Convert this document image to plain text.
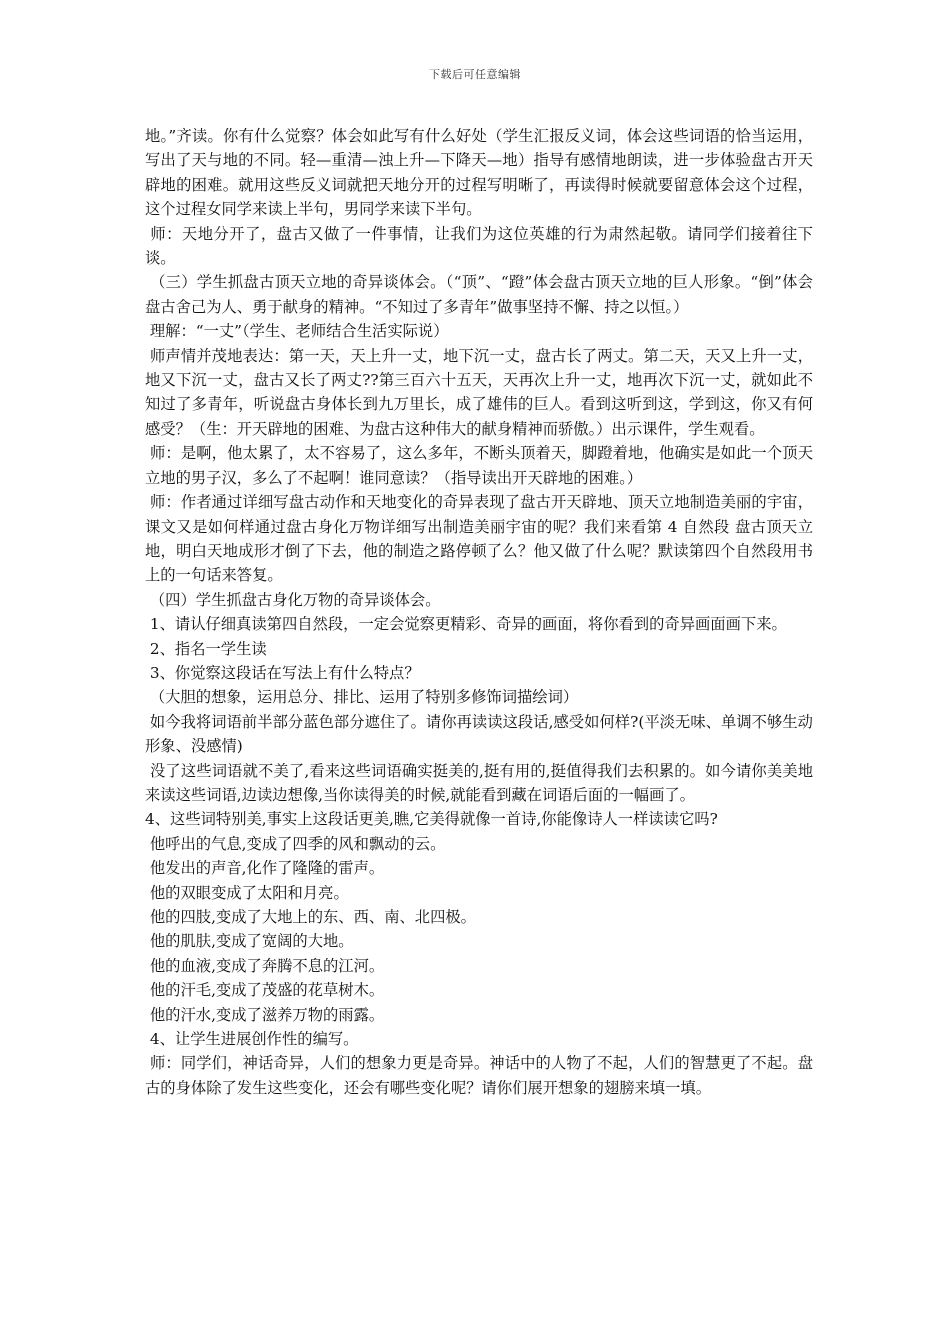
下载后可任意编辑

地。”齐读。你有什么觉察？体会如此写有什么好处（学生汇报反义词，体会这些词语的恰当运用，写出了天与地的不同。轻—重清—浊上升—下降天—地）指导有感情地朗读，进一步体验盘古开天辟地的困难。就用这些反义词就把天地分开的过程写明晰了，再读得时候就要留意体会这个过程，这个过程女同学来读上半句，男同学来读下半句。

师：天地分开了，盘古又做了一件事情，让我们为这位英雄的行为肃然起敬。请同学们接着往下谈。

（三）学生抓盘古顶天立地的奇异谈体会。（“顶”、“蹬”体会盘古顶天立地的巨人形象。“倒”体会盘古舍己为人、勇于献身的精神。“不知过了多青年”做事坚持不懈、持之以恒。）

理解：“一丈”（学生、老师结合生活实际说）

师声情并茂地表达：第一天，天上升一丈，地下沉一丈，盘古长了两丈。第二天，天又上升一丈，地又下沉一丈，盘古又长了两丈??第三百六十五天，天再次上升一丈，地再次下沉一丈，就如此不知过了多青年，听说盘古身体长到九万里长，成了雄伟的巨人。看到这听到这，学到这，你又有何感受？（生：开天辟地的困难、为盘古这种伟大的献身精神而骄傲。）出示课件，学生观看。

师：是啊，他太累了，太不容易了，这么多年，不断头顶着天，脚蹬着地，他确实是如此一个顶天立地的男子汉，多么了不起啊！谁同意读？（指导读出开天辟地的困难。）

师：作者通过详细写盘古动作和天地变化的奇异表现了盘古开天辟地、顶天立地制造美丽的宇宙，课文又是如何样通过盘古身化万物详细写出制造美丽宇宙的呢？我们来看第 4 自然段 盘古顶天立地，明白天地成形才倒了下去，他的制造之路停顿了么？他又做了什么呢？默读第四个自然段用书上的一句话来答复。

（四）学生抓盘古身化万物的奇异谈体会。

1、请认仔细真读第四自然段，一定会觉察更精彩、奇异的画面，将你看到的奇异画面画下来。

2、指名一学生读

3、你觉察这段话在写法上有什么特点？

（大胆的想象，运用总分、排比、运用了特别多修饰词描绘词）

如今我将词语前半部分蓝色部分遮住了。请你再读读这段话,感受如何样?(平淡无味、单调不够生动形象、没感情)

没了这些词语就不美了,看来这些词语确实挺美的,挺有用的,挺值得我们去积累的。如今请你美美地来读这些词语,边读边想像,当你读得美的时候,就能看到藏在词语后面的一幅画了。

4、这些词特别美,事实上这段话更美,瞧,它美得就像一首诗,你能像诗人一样读读它吗?

他呼出的气息,变成了四季的风和飘动的云。

他发出的声音,化作了隆隆的雷声。

他的双眼变成了太阳和月亮。

他的四肢,变成了大地上的东、西、南、北四极。

他的肌肤,变成了宽阔的大地。

他的血液,变成了奔腾不息的江河。

他的汗毛,变成了茂盛的花草树木。

他的汗水,变成了滋养万物的雨露。

4、让学生进展创作性的编写。

师：同学们，神话奇异，人们的想象力更是奇异。神话中的人物了不起，人们的智慧更了不起。盘古的身体除了发生这些变化，还会有哪些变化呢？请你们展开想象的翅膀来填一填。
